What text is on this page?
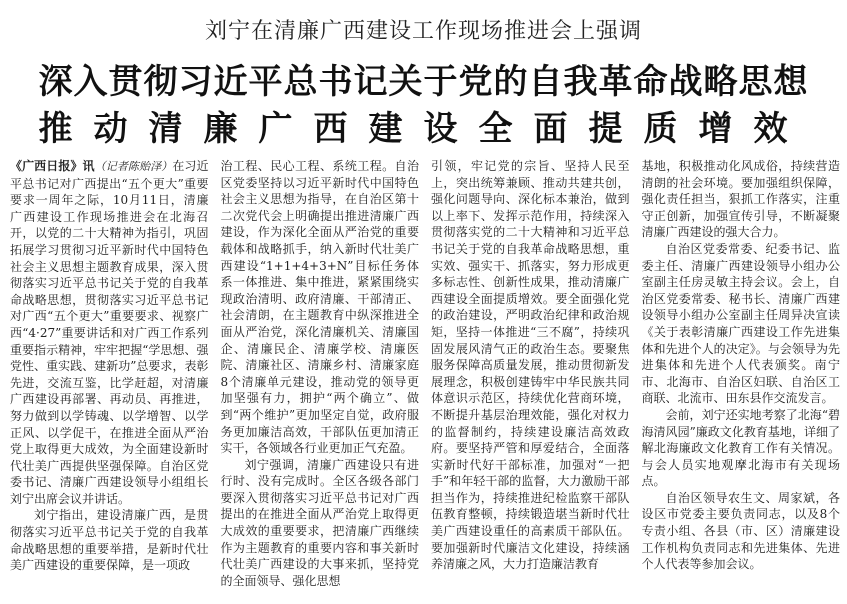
刘宁在清廉广西建设工作现场推进会上强调
深入贯彻习近平总书记关于党的自我革命战略思想
推动清廉广西建设全面提质增效

《广西日报》讯（记者陈贻泽）在习近平总书记对广西提出“五个更大”重要要求一周年之际，10月11日，清廉广西建设工作现场推进会在北海召开，以党的二十大精神为指引，巩固拓展学习贯彻习近平新时代中国特色社会主义思想主题教育成果，深入贯彻落实习近平总书记关于党的自我革命战略思想，贯彻落实习近平总书记对广西“五个更大”重要要求、视察广西“4·27”重要讲话和对广西工作系列重要指示精神，牢牢把握“学思想、强党性、重实践、建新功”总要求，表彰先进，交流互鉴，比学赶超，对清廉广西建设再部署、再动员、再推进，努力做到以学铸魂、以学增智、以学正风、以学促干，在推进全面从严治党上取得更大成效，为全面建设新时代壮美广西提供坚强保障。自治区党委书记、清廉广西建设领导小组组长刘宁出席会议并讲话。

刘宁指出，建设清廉广西，是贯彻落实习近平总书记关于党的自我革命战略思想的重要举措，是新时代壮美广西建设的重要保障，是一项政

治工程、民心工程、系统工程。自治区党委坚持以习近平新时代中国特色社会主义思想为指导，在自治区第十二次党代会上明确提出推进清廉广西建设，作为深化全面从严治党的重要载体和战略抓手，纳入新时代壮美广西建设“1+1+4+3+N”目标任务体系一体推进、集中推进，紧紧围绕实现政治清明、政府清廉、干部清正、社会清朗，在主题教育中纵深推进全面从严治党，深化清廉机关、清廉国企、清廉民企、清廉学校、清廉医院、清廉社区、清廉乡村、清廉家庭8个清廉单元建设，推动党的领导更加坚强有力，拥护“两个确立”、做到“两个维护”更加坚定自觉，政府服务更加廉洁高效，干部队伍更加清正实干，各领域各行业更加正气充盈。

刘宁强调，清廉广西建设只有进行时、没有完成时。全区各级各部门要深入贯彻落实习近平总书记对广西提出的在推进全面从严治党上取得更大成效的重要要求，把清廉广西继续作为主题教育的重要内容和事关新时代壮美广西建设的大事来抓，坚持党的全面领导、强化思想

引领，牢记党的宗旨、坚持人民至上，突出统筹兼顾、推动共建共创，强化问题导向、深化标本兼治，做到以上率下、发挥示范作用，持续深入贯彻落实党的二十大精神和习近平总书记关于党的自我革命战略思想，重实效、强实干、抓落实，努力形成更多标志性、创新性成果，推动清廉广西建设全面提质增效。要全面强化党的政治建设，严明政治纪律和政治规矩，坚持一体推进“三不腐”，持续巩固发展风清气正的政治生态。要聚焦服务保障高质量发展，推动贯彻新发展理念，积极创建铸牢中华民族共同体意识示范区，持续优化营商环境，不断提升基层治理效能，强化对权力的监督制约，持续建设廉洁高效政府。要坚持严管和厚爱结合，全面落实新时代好干部标准，加强对“一把手”和年轻干部的监督，大力激励干部担当作为，持续推进纪检监察干部队伍教育整顿，持续锻造堪当新时代壮美广西建设重任的高素质干部队伍。要加强新时代廉洁文化建设，持续涵养清廉之风，大力打造廉洁教育

基地，积极推动化风成俗，持续营造清朗的社会环境。要加强组织保障，强化责任担当，狠抓工作落实，注重守正创新，加强宣传引导，不断凝聚清廉广西建设的强大合力。

自治区党委常委、纪委书记、监委主任、清廉广西建设领导小组办公室副主任房灵敏主持会议。会上，自治区党委常委、秘书长、清廉广西建设领导小组办公室副主任周异决宣读《关于表彰清廉广西建设工作先进集体和先进个人的决定》。与会领导为先进集体和先进个人代表颁奖。南宁市、北海市、自治区妇联、自治区工商联、北流市、田东县作交流发言。

会前，刘宁还实地考察了北海“碧海清风园”廉政文化教育基地，详细了解北海廉政文化教育工作有关情况。与会人员实地观摩北海市有关现场点。

自治区领导农生文、周家斌，各设区市党委主要负责同志，以及8个专责小组、各县（市、区）清廉建设工作机构负责同志和先进集体、先进个人代表等参加会议。
